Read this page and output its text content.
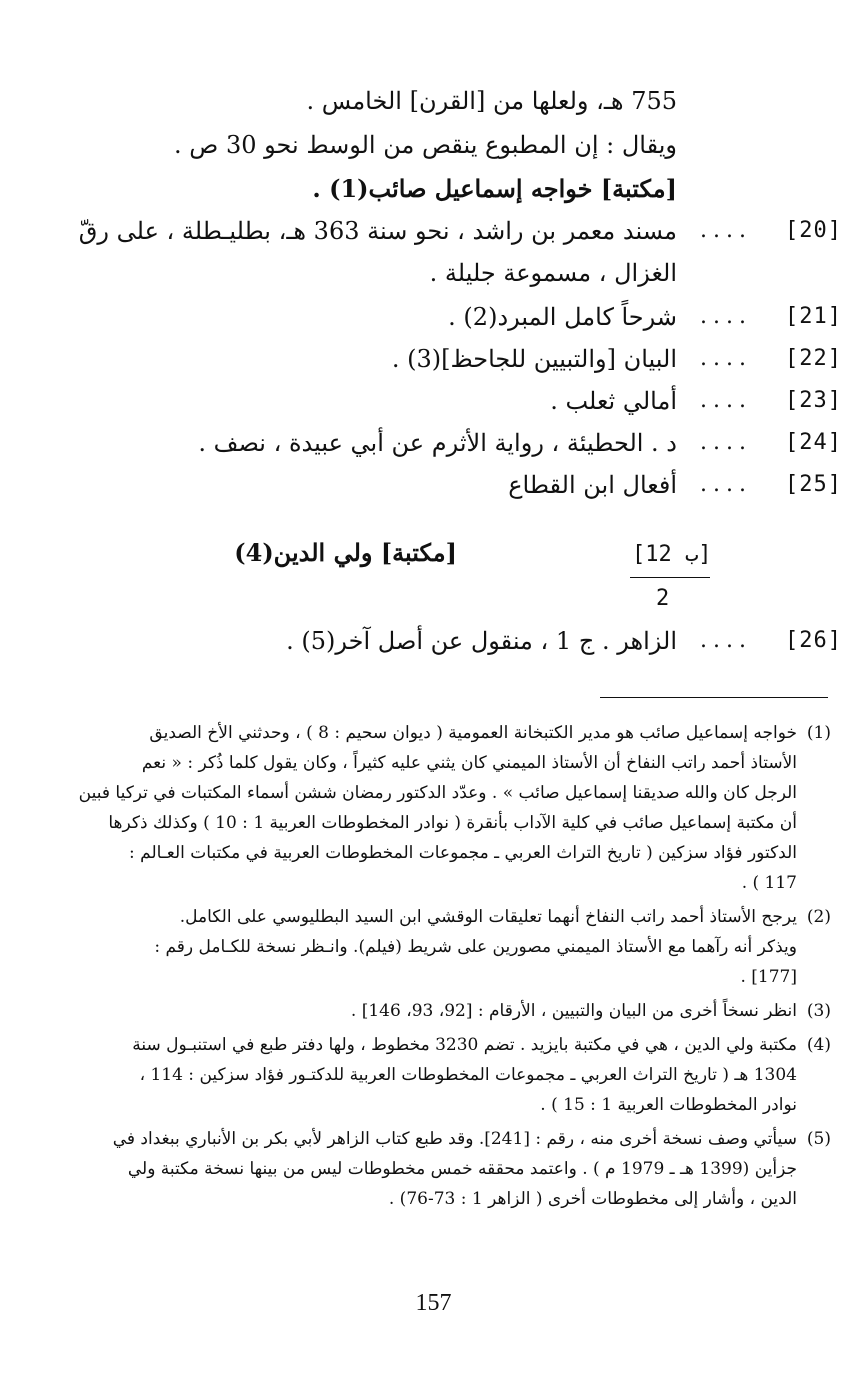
755 هـ، ولعلها من [القرن] الخامس .
ويقال : إن المطبوع ينقص من الوسط نحو 30 ص .
[مكتبة] خواجه إسماعيل صائب(1) .
[20]
....
مسند معمر بن راشد ، نحو سنة 363 هـ، بطليـطلة ، على رقّ
الغزال ، مسموعة جليلة .
[21]
....
شرحاً كامل المبرد(2) .
[22]
....
البيان [والتبيين للجاحظ](3) .
[23]
....
أمالي ثعلب .
[24]
....
د . الحطيئة ، رواية الأثرم عن أبي عبيدة ، نصف .
[25]
....
أفعال ابن القطاع
[12 ب]
2
[مكتبة] ولي الدين(4)
[26]
....
الزاهر . ج 1 ، منقول عن أصل آخر(5) .
(1)
خواجه إسماعيل صائب هو مدير الكتبخانة العمومية ( ديوان سحيم : 8 ) ، وحدثني الأخ الصديق
الأستاذ أحمد راتب النفاخ أن الأستاذ الميمني كان يثني عليه كثيراً ، وكان يقول كلما ذُكر : « نعم
الرجل كان والله صديقنا إسماعيل صائب » . وعدّد الدكتور رمضان ششن أسماء المكتبات في تركيا فبين
أن مكتبة إسماعيل صائب في كلية الآداب بأنقرة ( نوادر المخطوطات العربية 1 : 10 ) وكذلك ذكرها
الدكتور فؤاد سزكين ( تاريخ التراث العربي ـ مجموعات المخطوطات العربية في مكتبات العـالم :
117 ) .
(2)
يرجح الأستاذ أحمد راتب النفاخ أنهما تعليقات الوقشي ابن السيد البطليوسي على الكامل.
ويذكر أنه رآهما مع الأستاذ الميمني مصورين على شريط (فيلم). وانـظر نسخة للكـامل رقم :
[177] .
(3)
انظر نسخاً أخرى من البيان والتبيين ، الأرقام : [92، 93، 146] .
(4)
مكتبة ولي الدين ، هي في مكتبة بايزيد . تضم 3230 مخطوط ، ولها دفتر طبع في استنبـول سنة
1304 هـ ( تاريخ التراث العربي ـ مجموعات المخطوطات العربية للدكتـور فؤاد سزكين : 114 ،
نوادر المخطوطات العربية 1 : 15 ) .
(5)
سيأتي وصف نسخة أخرى منه ، رقم : [241]. وقد طبع كتاب الزاهر لأبي بكر بن الأنباري ببغداد في
جزأين (1399 هـ ـ 1979 م ) . واعتمد محققه خمس مخطوطات ليس من بينها نسخة مكتبة ولي
الدين ، وأشار إلى مخطوطات أخرى ( الزاهر 1 : 73-76) .
157
